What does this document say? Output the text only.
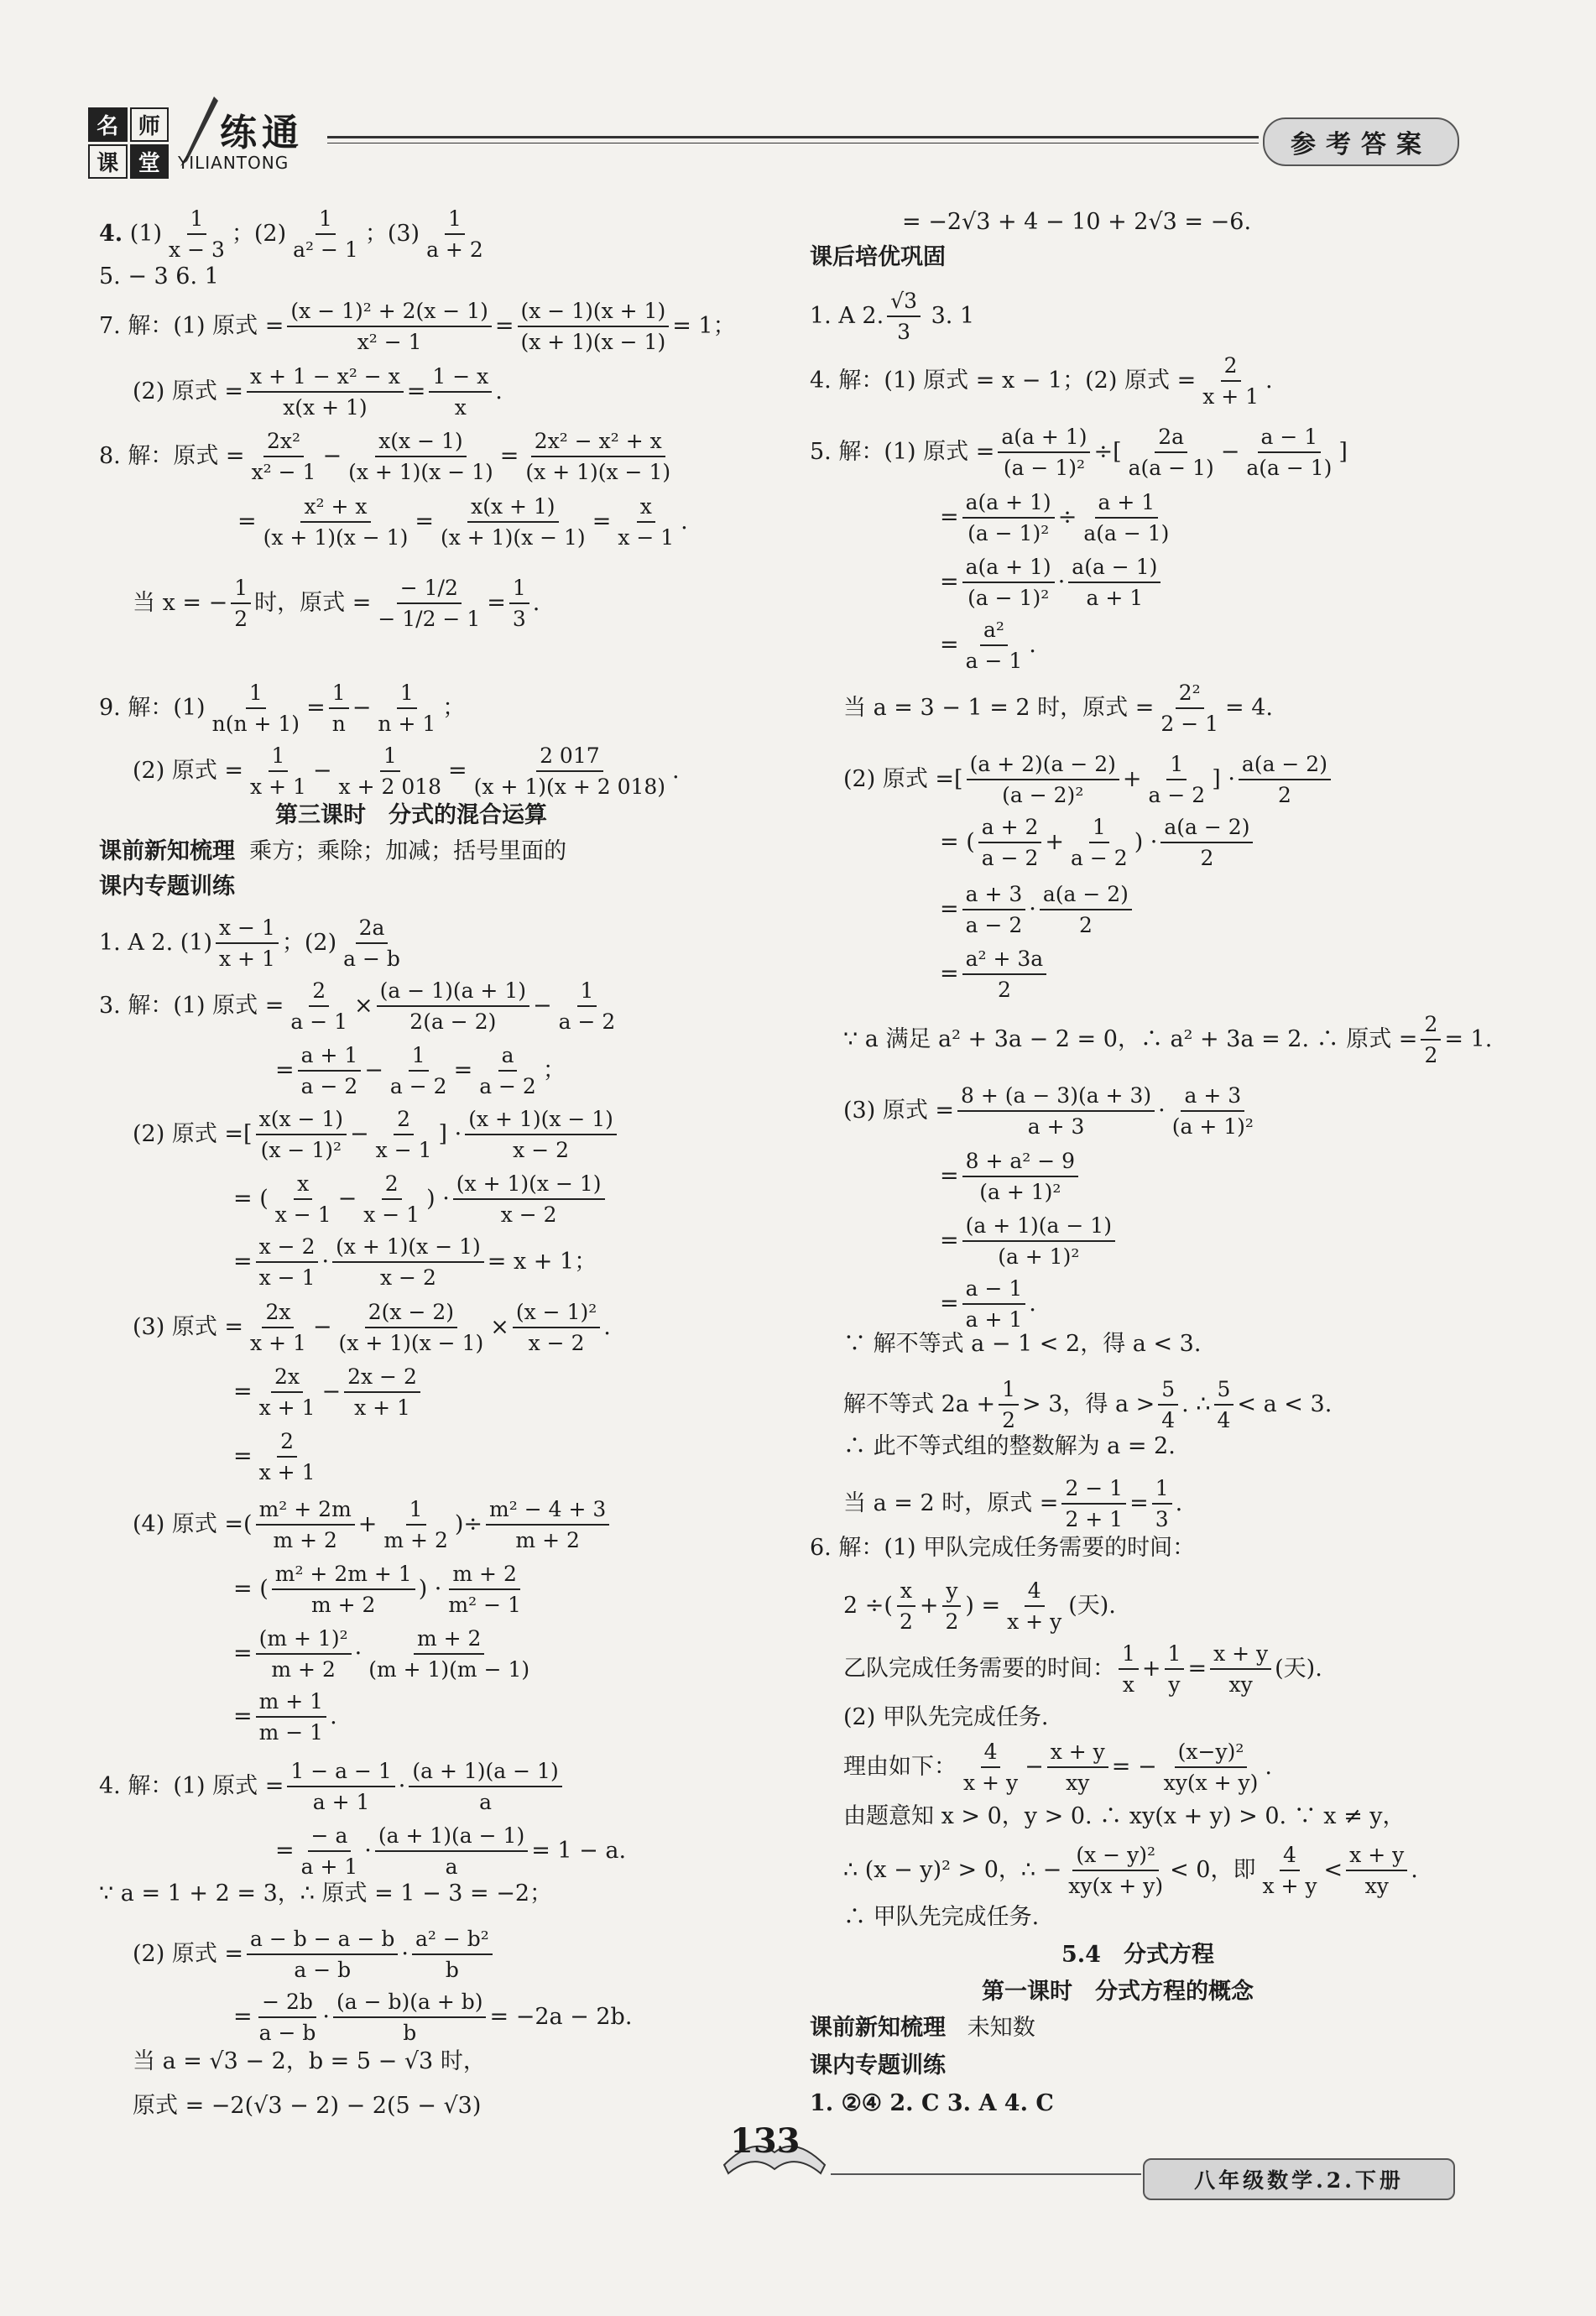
名 师
课 堂
练通
YILIANTONG
参考答案
4.
$(1) \frac{1}{x - 3}$ ；$(2) \frac{1}{\text{a² − 1}}$ ；$(3) \frac{1}{a + 2}$
5. − 3 6. 1
7. 解：(1) 原式 = $\frac{\text{(x − 1)² + 2(x − 1)}}{\text{x² − 1}} = \frac{(x - 1)(x + 1)}{(x + 1)(x - 1)} = 1$；
(2) 原式 = $\frac{\text{x + 1 − x² − x}}{x(x + 1)} = \frac{1 - x}{x}$ .
8. 解：原式 = $\frac{\text{2x²}}{\text{x² − 1}} - \frac{x(x - 1)}{(x + 1)(x - 1)} = \frac{\text{2x² − x² + x}}{(x + 1)(x - 1)}$
= $\frac{\text{x² + x}}{(x + 1)(x - 1)} = \frac{x(x + 1)}{(x + 1)(x - 1)} = \frac{x}{x - 1}$ .
当 x = − $\frac{1}{2}$ 时，原式 = $\frac{- 1/2}{- 1/2 - 1} = \frac{1}{3}$ .
9. 解：$(1) \frac{1}{n(n + 1)} = \frac{1}{n} - \frac{1}{n + 1}$ ；
(2) 原式 = $\frac{1}{x + 1} - \frac{1}{x + 2 018} = \frac{2 017}{(x + 1)(x + 2 018)}$ .
第三课时　分式的混合运算
课前新知梳理
乘方；乘除；加减；括号里面的
课内专题训练
1. A 2. $(1) \frac{x - 1}{x + 1}$ ；$(2) \frac{2a}{a - b}$
3. 解：(1) 原式 = $\frac{2}{a - 1} \times \frac{(a - 1)(a + 1)}{2(a - 2)} - \frac{1}{a - 2}$
= $\frac{a + 1}{a - 2} - \frac{1}{a - 2} = \frac{a}{a - 2}$ ；
(2) 原式 = [ $\frac{x(x - 1)}{\text{(x − 1)²}} - \frac{2}{x - 1}$ ] · $\frac{(x + 1)(x - 1)}{x - 2}$
= ( $\frac{x}{x - 1} - \frac{2}{x - 1}$ ) · $\frac{(x + 1)(x - 1)}{x - 2}$
= $\frac{x - 2}{x - 1} \cdot \frac{(x + 1)(x - 1)}{x - 2} = x + 1$；
(3) 原式 = $\frac{2x}{x + 1} - \frac{2(x - 2)}{(x + 1)(x - 1)} \times \frac{\text{(x − 1)²}}{x - 2}$ .
= $\frac{2x}{x + 1} - \frac{2x - 2}{x + 1}$
= $\frac{2}{x + 1}$
(4) 原式 = ( $\frac{\text{m² + 2m}}{m + 2} + \frac{1}{m + 2}$ ) ÷ $\frac{\text{m² − 4 + 3}}{m + 2}$
= ( $\frac{\text{m² + 2m + 1}}{m + 2}$ ) · $\frac{m + 2}{\text{m² − 1}}$
= $\frac{\text{(m + 1)²}}{m + 2} \cdot \frac{m + 2}{(m + 1)(m - 1)}$
= $\frac{m + 1}{m - 1}$ .
4. 解：(1) 原式 = $\frac{1 - a - 1}{a + 1} \cdot \frac{(a + 1)(a - 1)}{a}$
= $\frac{- a}{a + 1} \cdot \frac{(a + 1)(a - 1)}{a} = 1 - a$.
∵ a = 1 + 2 = 3，∴ 原式 = 1 − 3 = −2；
(2) 原式 = $\frac{a - b - a - b}{a - b} \cdot \frac{\text{a² − b²}}{b}$
= $\frac{- 2b}{a - b} \cdot \frac{(a - b)(a + b)}{b} = -2a - 2b$.
当 a = √3 − 2，b = 5 − √3 时，
原式 = −2(√3 − 2) − 2(5 − √3)
= −2√3 + 4 − 10 + 2√3 = −6.
课后培优巩固
1. A 2. $\frac{√3}{3}$
3. 1
4. 解：(1) 原式 = x − 1；(2) 原式 = $\frac{2}{x + 1}$ .
5. 解：(1) 原式 = $\frac{a(a + 1)}{\text{(a − 1)²}}$ ÷ [ $\frac{2a}{a(a - 1)} - \frac{a - 1}{a(a - 1)}$ ]
= $\frac{a(a + 1)}{\text{(a − 1)²}} \div \frac{a + 1}{a(a - 1)}$
= $\frac{a(a + 1)}{\text{(a − 1)²}} \cdot \frac{a(a - 1)}{a + 1}$
= $\frac{\text{a²}}{a - 1}$ .
当 a = 3 − 1 = 2 时，原式 = $\frac{\text{2²}}{2 - 1} = 4$.
(2) 原式 = [ $\frac{(a + 2)(a - 2)}{\text{(a − 2)²}} + \frac{1}{a - 2}$ ] · $\frac{a(a - 2)}{2}$
= ( $\frac{a + 2}{a - 2} + \frac{1}{a - 2}$ ) · $\frac{a(a - 2)}{2}$
= $\frac{a + 3}{a - 2} \cdot \frac{a(a - 2)}{2}$
= $\frac{\text{a² + 3a}}{2}$
∵ a 满足 a² + 3a − 2 = 0，∴ a² + 3a = 2. ∴ 原式 = $\frac{2}{2} = 1$.
(3) 原式 = $\frac{8 + (a - 3)(a + 3)}{a + 3} \cdot \frac{a + 3}{\text{(a + 1)²}}$
= $\frac{\text{8 + a² − 9}}{\text{(a + 1)²}}$
= $\frac{(a + 1)(a - 1)}{\text{(a + 1)²}}$
= $\frac{a - 1}{a + 1}$ .
∵ 解不等式 a − 1 < 2，得 a < 3.
解不等式 $2a + \frac{1}{2} > 3$，得 $a > \frac{5}{4}$ . ∴ $\frac{5}{4} < a < 3$.
∴ 此不等式组的整数解为 a = 2.
当 a = 2 时，原式 = $\frac{2 - 1}{2 + 1} = \frac{1}{3}$ .
6. 解：(1) 甲队完成任务需要的时间：
2 ÷ ( $\frac{x}{2} + \frac{y}{2}$ ) = $\frac{4}{x + y}$ (天).
乙队完成任务需要的时间： $\frac{1}{x} + \frac{1}{y} = \frac{x + y}{xy}$ (天).
(2) 甲队先完成任务.
理由如下： $\frac{4}{x + y} - \frac{x + y}{xy}$ = − $\frac{\text{(x−y)²}}{xy(x + y)}$ .
由题意知 x > 0，y > 0. ∴ xy(x + y) > 0. ∵ x ≠ y，
∴ (x − y)² > 0，∴ − $\frac{\text{(x − y)²}}{xy(x + y)} < 0$，即 $\frac{4}{x + y} < \frac{x + y}{xy}$ .
∴ 甲队先完成任务.
5.4　分式方程
第一课时　分式方程的概念
课前新知梳理
未知数
课内专题训练
1. ②④ 2. C 3. A 4. C
133
八年级数学.2.下册
